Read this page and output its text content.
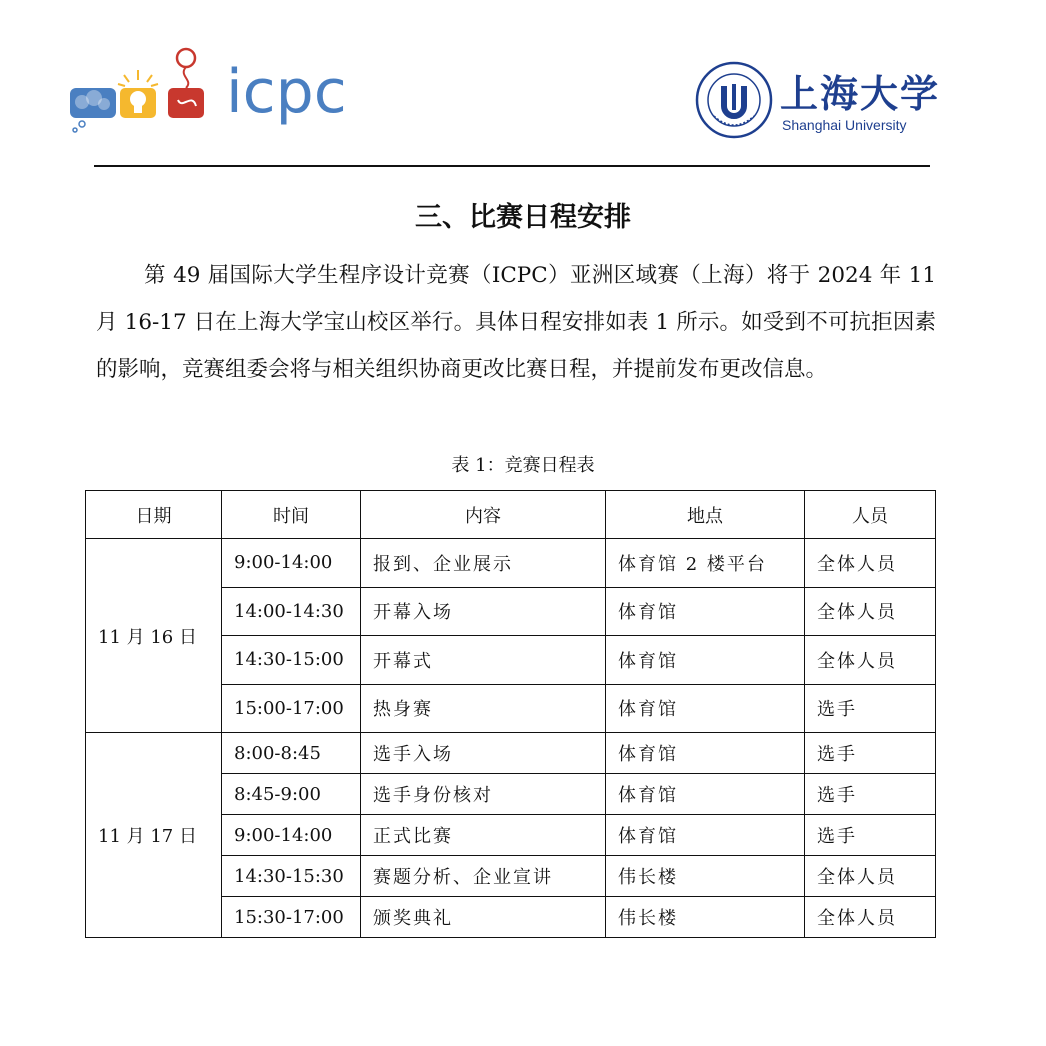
icpc	上海大学
Shanghai University
三、比赛日程安排

第 49 届国际大学生程序设计竞赛（ICPC）亚洲区域赛（上海）将于 2024 年 11 月 16-17 日在上海大学宝山校区举行。具体日程安排如表 1 所示。如受到不可抗拒因素的影响，竞赛组委会将与相关组织协商更改比赛日程，并提前发布更改信息。

表 1：竞赛日程表
日期	时间	内容	地点	人员
11 月 16 日	9:00-14:00	报到、企业展示	体育馆 2 楼平台	全体人员
	14:00-14:30	开幕入场	体育馆	全体人员
	14:30-15:00	开幕式	体育馆	全体人员
	15:00-17:00	热身赛	体育馆	选手
11 月 17 日	8:00-8:45	选手入场	体育馆	选手
	8:45-9:00	选手身份核对	体育馆	选手
	9:00-14:00	正式比赛	体育馆	选手
	14:30-15:30	赛题分析、企业宣讲	伟长楼	全体人员
	15:30-17:00	颁奖典礼	伟长楼	全体人员
